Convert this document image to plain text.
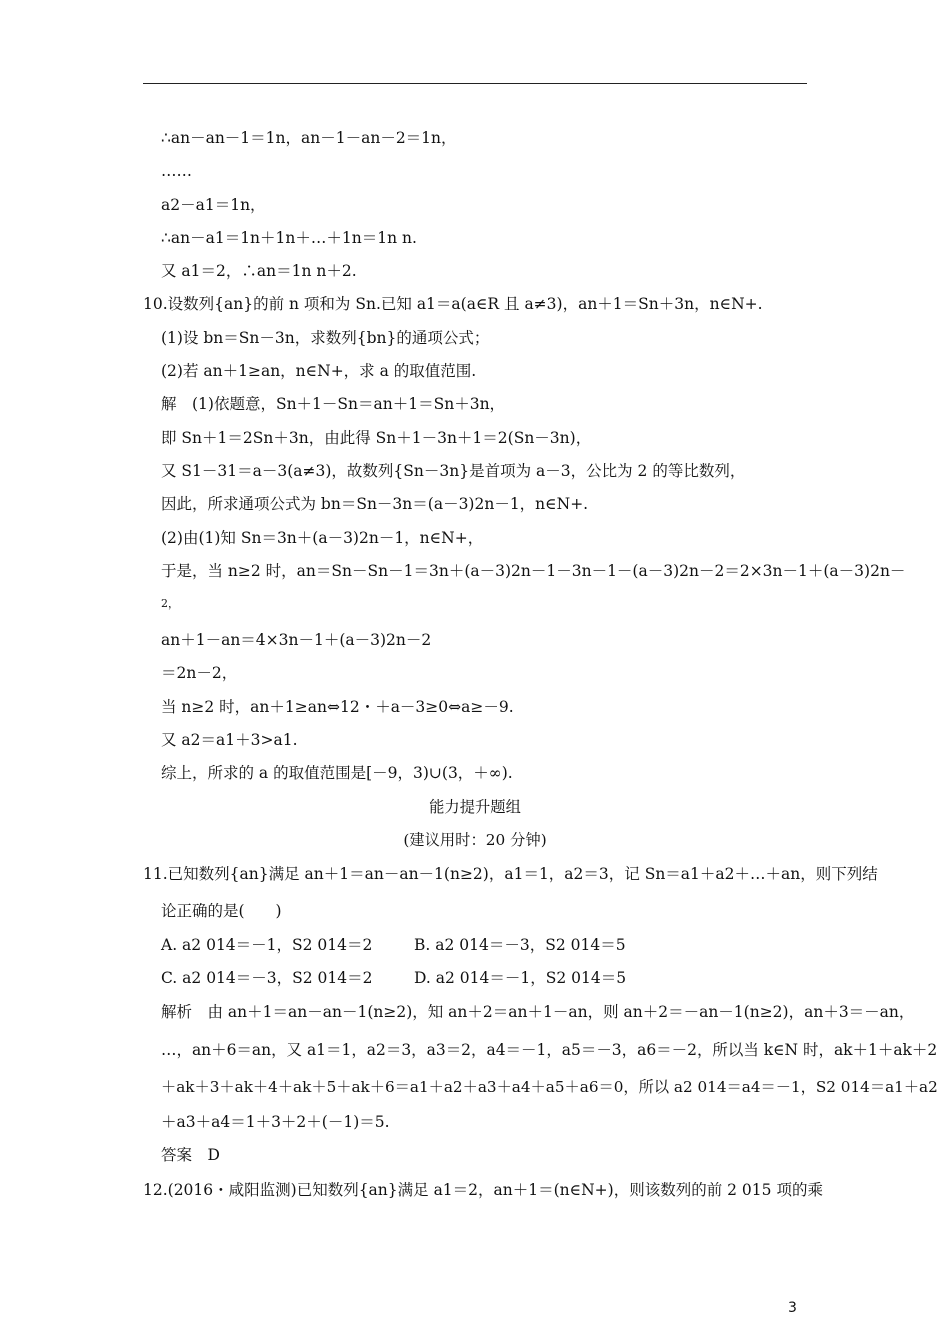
∴an－an－1＝1n，an－1－an－2＝1n，
……
a2－a1＝1n，
∴an－a1＝1n＋1n＋…＋1n＝1n n.
又 a1＝2，∴an＝1n n＋2.
10.设数列{an}的前 n 项和为 Sn.已知 a1＝a(a∈R 且 a≠3)，an＋1＝Sn＋3n，n∈N+.
(1)设 bn＝Sn－3n，求数列{bn}的通项公式；
(2)若 an＋1≥an，n∈N+，求 a 的取值范围.
解　(1)依题意，Sn＋1－Sn＝an＋1＝Sn＋3n，
即 Sn＋1＝2Sn＋3n，由此得 Sn＋1－3n＋1＝2(Sn－3n)，
又 S1－31＝a－3(a≠3)，故数列{Sn－3n}是首项为 a－3，公比为 2 的等比数列，
因此，所求通项公式为 bn＝Sn－3n＝(a－3)2n－1，n∈N+.
(2)由(1)知 Sn＝3n＋(a－3)2n－1，n∈N+，
于是，当 n≥2 时，an＝Sn－Sn－1＝3n＋(a－3)2n－1－3n－1－(a－3)2n－2＝2×3n－1＋(a－3)2n－
2，
an＋1－an＝4×3n－1＋(a－3)2n－2
＝2n－2，
当 n≥2 时，an＋1≥an⇔12・＋a－3≥0⇔a≥－9.
又 a2＝a1＋3>a1.
综上，所求的 a 的取值范围是[－9，3)∪(3，＋∞).
能力提升题组
(建议用时：20 分钟)
11.已知数列{an}满足 an＋1＝an－an－1(n≥2)，a1＝1，a2＝3，记 Sn＝a1＋a2＋…＋an，则下列结
论正确的是(　　)
A. a2 014＝－1，S2 014＝2	B. a2 014＝－3，S2 014＝5
C. a2 014＝－3，S2 014＝2	D. a2 014＝－1，S2 014＝5
解析　由 an＋1＝an－an－1(n≥2)，知 an＋2＝an＋1－an，则 an＋2＝－an－1(n≥2)，an＋3＝－an，
…，an＋6＝an，又 a1＝1，a2＝3，a3＝2，a4＝－1，a5＝－3，a6＝－2，所以当 k∈N 时，ak＋1＋ak＋2
＋ak＋3＋ak＋4＋ak＋5＋ak＋6＝a1＋a2＋a3＋a4＋a5＋a6＝0，所以 a2 014＝a4＝－1，S2 014＝a1＋a2
＋a3＋a4＝1＋3＋2＋(－1)＝5.
答案　D
12.(2016・咸阳监测)已知数列{an}满足 a1＝2，an＋1＝(n∈N+)，则该数列的前 2 015 项的乘
3
